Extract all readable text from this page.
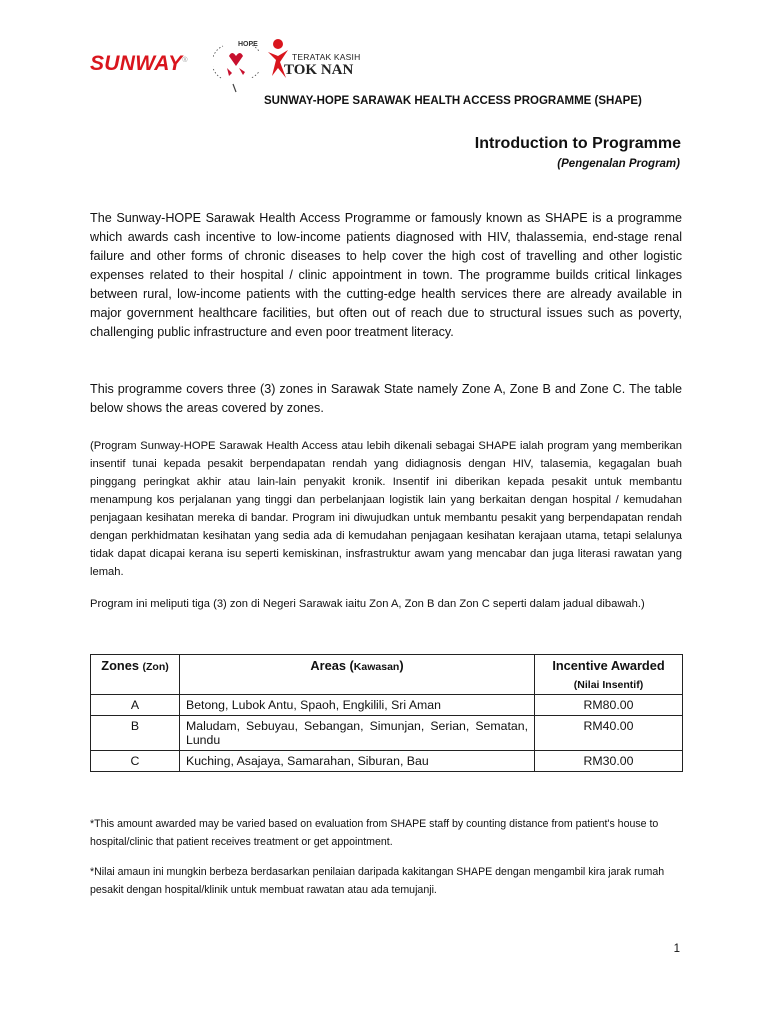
SUNWAY®
HOPE
TERATAK KASIH
TOK NAN
SUNWAY-HOPE SARAWAK HEALTH ACCESS PROGRAMME (SHAPE)
Introduction to Programme
(Pengenalan Program)

The Sunway-HOPE Sarawak Health Access Programme or famously known as SHAPE is a programme which awards cash incentive to low-income patients diagnosed with HIV, thalassemia, end-stage renal failure and other forms of chronic diseases to help cover the high cost of travelling and other logistic expenses related to their hospital / clinic appointment in town. The programme builds critical linkages between rural, low-income patients with the cutting-edge health services there are already available in major government healthcare facilities, but often out of reach due to structural issues such as poverty, challenging public infrastructure and even poor treatment literacy.

This programme covers three (3) zones in Sarawak State namely Zone A, Zone B and Zone C. The table below shows the areas covered by zones.

(Program Sunway-HOPE Sarawak Health Access atau lebih dikenali sebagai SHAPE ialah program yang memberikan insentif tunai kepada pesakit berpendapatan rendah yang didiagnosis dengan HIV, talasemia, kegagalan buah pinggang peringkat akhir atau lain-lain penyakit kronik. Insentif ini diberikan kepada pesakit untuk membantu menampung kos perjalanan yang tinggi dan perbelanjaan logistik lain yang berkaitan dengan hospital / kemudahan penjagaan kesihatan mereka di bandar. Program ini diwujudkan untuk membantu pesakit yang berpendapatan rendah dengan perkhidmatan kesihatan yang sedia ada di kemudahan penjagaan kesihatan kerajaan utama, tetapi selalunya tidak dapat dicapai kerana isu seperti kemiskinan, insfrastruktur awam yang mencabar dan juga literasi rawatan yang lemah.

Program ini meliputi tiga (3) zon di Negeri Sarawak iaitu Zon A, Zon B dan Zon C seperti dalam jadual dibawah.)

Zones (Zon)	Areas (Kawasan)	Incentive Awarded
(Nilai Insentif)

A	Betong, Lubok Antu, Spaoh, Engkilili, Sri Aman	RM80.00
B	Maludam, Sebuyau, Sebangan, Simunjan, Serian, Sematan, Lundu	RM40.00
C	Kuching, Asajaya, Samarahan, Siburan, Bau	RM30.00

*This amount awarded may be varied based on evaluation from SHAPE staff by counting distance from patient's house to hospital/clinic that patient receives treatment or get appointment.

*Nilai amaun ini mungkin berbeza berdasarkan penilaian daripada kakitangan SHAPE dengan mengambil kira jarak rumah pesakit dengan hospital/klinik untuk membuat rawatan atau ada temujanji.

1
